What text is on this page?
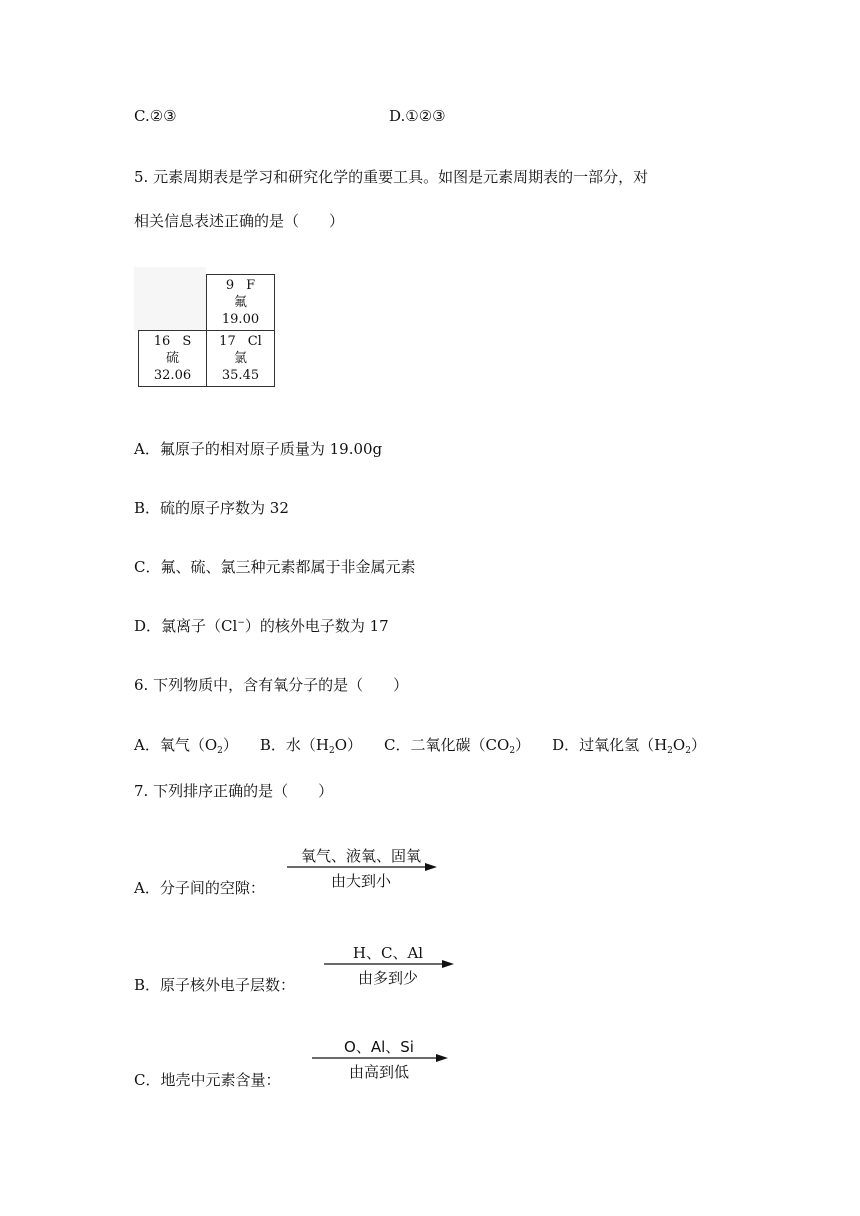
C.②③	D.①②③
5. 元素周期表是学习和研究化学的重要工具。如图是元素周期表的一部分，对
相关信息表述正确的是（　　）
9 F
氟
19.00
16 S
硫
32.06
17 Cl
氯
35.45
A．氟原子的相对原子质量为 19.00g
B．硫的原子序数为 32
C．氟、硫、氯三种元素都属于非金属元素
D．氯离子（Cl−）的核外电子数为 17
6. 下列物质中，含有氧分子的是（　　）
A．氧气$(O_2)$ B．水$(H_2O)$ C．二氧化碳$(CO_2)$ D．过氧化氢$(H_2O_2)$
7. 下列排序正确的是（　　）
A．分子间的空隙：
氧气、液氧、固氧
由大到小
B．原子核外电子层数：
H、C、Al
由多到少
C．地壳中元素含量：
O、Al、Si
由高到低
